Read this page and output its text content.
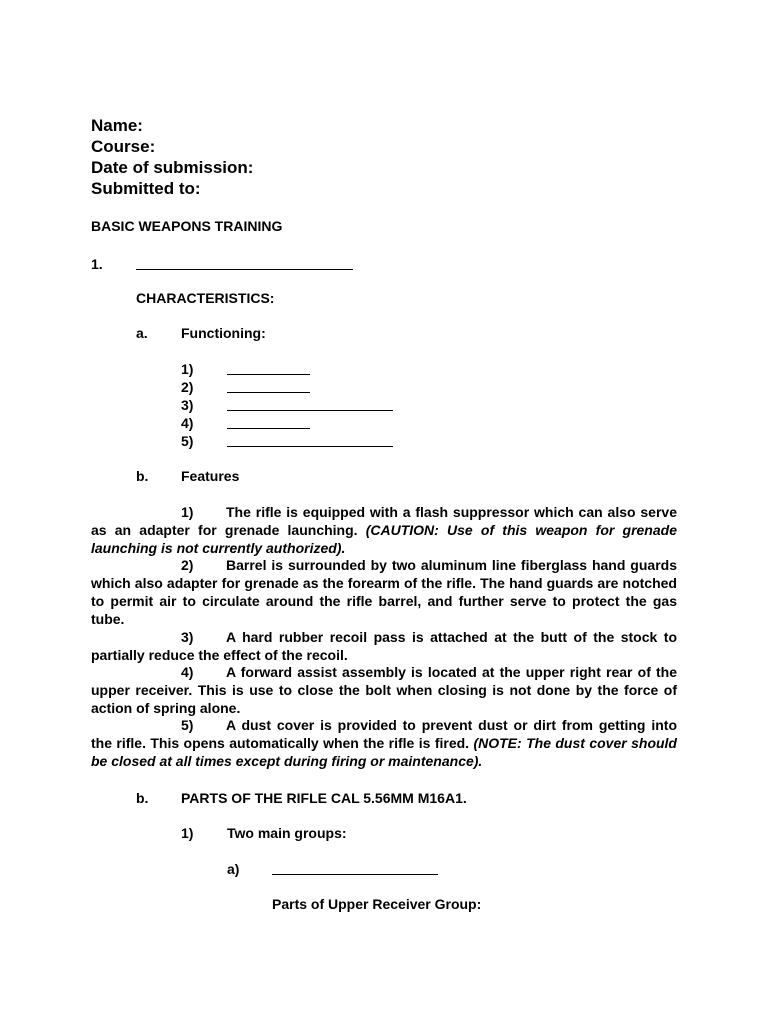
Name:
Course:
Date of submission:
Submitted to:
BASIC WEAPONS TRAINING
1.
CHARACTERISTICS:
a. Functioning:
1)
2)
3)
4)
5)
b. Features
1) The rifle is equipped with a flash suppressor which can also serve as an adapter for grenade launching. (CAUTION: Use of this weapon for grenade launching is not currently authorized).
2) Barrel is surrounded by two aluminum line fiberglass hand guards which also adapter for grenade as the forearm of the rifle. The hand guards are notched to permit air to circulate around the rifle barrel, and further serve to protect the gas tube.
3) A hard rubber recoil pass is attached at the butt of the stock to partially reduce the effect of the recoil.
4) A forward assist assembly is located at the upper right rear of the upper receiver. This is use to close the bolt when closing is not done by the force of action of spring alone.
5) A dust cover is provided to prevent dust or dirt from getting into the rifle. This opens automatically when the rifle is fired. (NOTE: The dust cover should be closed at all times except during firing or maintenance).
b. PARTS OF THE RIFLE CAL 5.56MM M16A1.
1) Two main groups:
a)
Parts of Upper Receiver Group:
